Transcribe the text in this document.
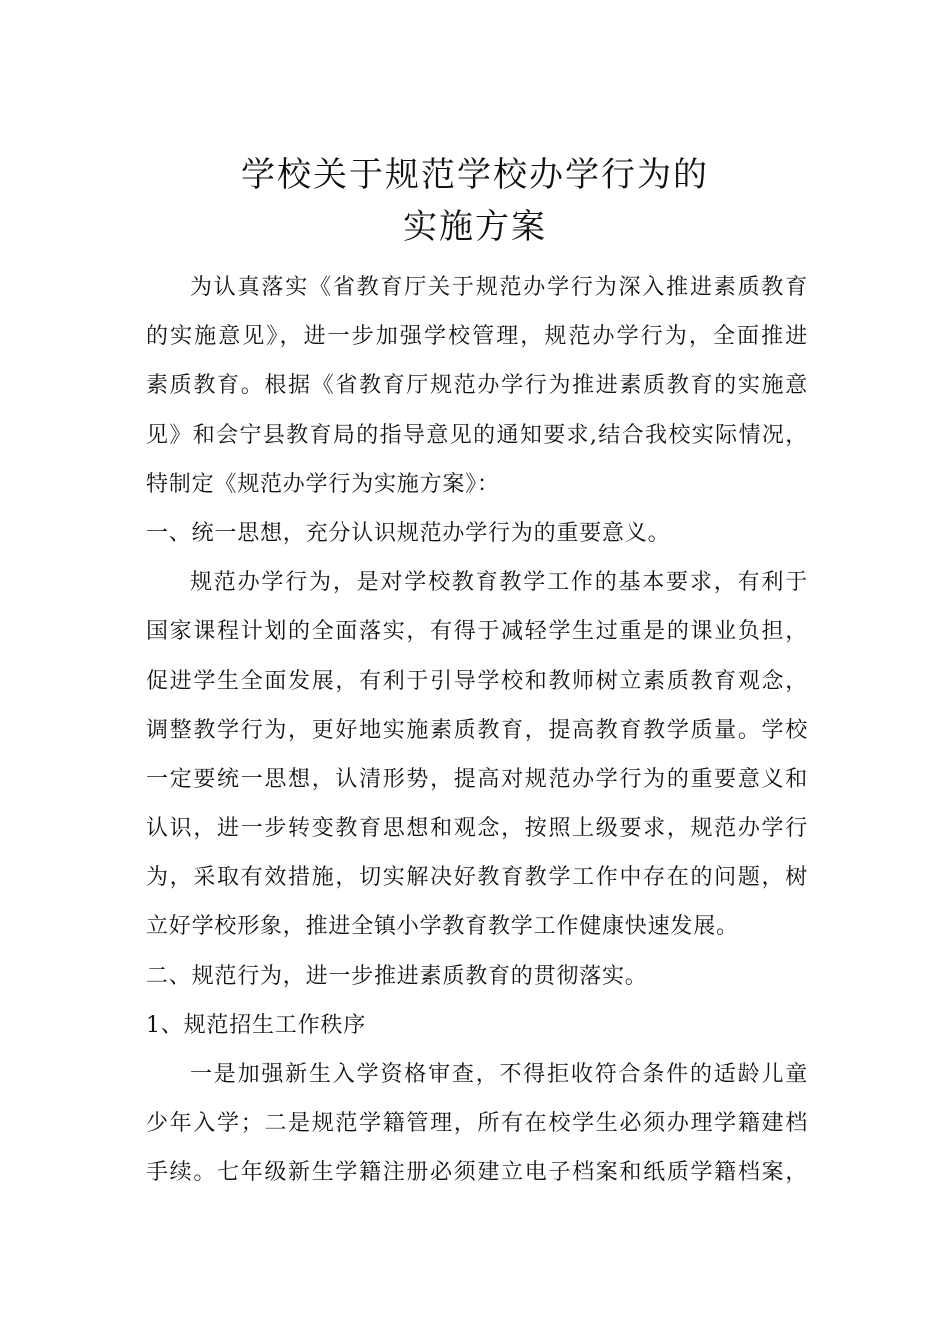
学校关于规范学校办学行为的
实施方案
为认真落实《省教育厅关于规范办学行为深入推进素质教育
的实施意见》，进一步加强学校管理，规范办学行为，全面推进
素质教育。根据《省教育厅规范办学行为推进素质教育的实施意
见》和会宁县教育局的指导意见的通知要求,结合我校实际情况，
特制定《规范办学行为实施方案》：
一、统一思想，充分认识规范办学行为的重要意义。
规范办学行为，是对学校教育教学工作的基本要求，有利于
国家课程计划的全面落实，有得于减轻学生过重是的课业负担，
促进学生全面发展，有利于引导学校和教师树立素质教育观念，
调整教学行为，更好地实施素质教育，提高教育教学质量。学校
一定要统一思想，认清形势，提高对规范办学行为的重要意义和
认识，进一步转变教育思想和观念，按照上级要求，规范办学行
为，采取有效措施，切实解决好教育教学工作中存在的问题，树
立好学校形象，推进全镇小学教育教学工作健康快速发展。
二、规范行为，进一步推进素质教育的贯彻落实。
1、规范招生工作秩序
一是加强新生入学资格审查，不得拒收符合条件的适龄儿童
少年入学；二是规范学籍管理，所有在校学生必须办理学籍建档
手续。七年级新生学籍注册必须建立电子档案和纸质学籍档案，
